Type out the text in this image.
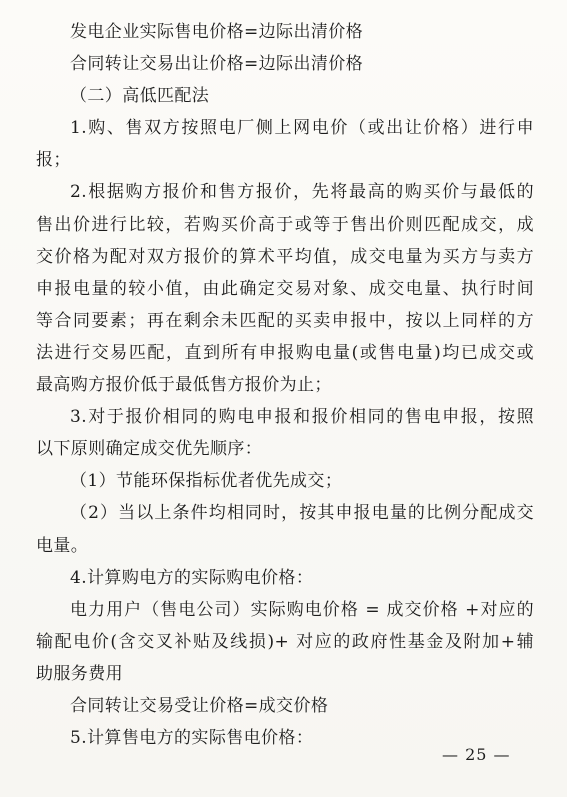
发电企业实际售电价格=边际出清价格
合同转让交易出让价格=边际出清价格
（二）高低匹配法
1.购、售双方按照电厂侧上网电价（或出让价格）进行申
报；
2.根据购方报价和售方报价，先将最高的购买价与最低的
售出价进行比较，若购买价高于或等于售出价则匹配成交，成
交价格为配对双方报价的算术平均值，成交电量为买方与卖方
申报电量的较小值，由此确定交易对象、成交电量、执行时间
等合同要素；再在剩余未匹配的买卖申报中，按以上同样的方
法进行交易匹配，直到所有申报购电量(或售电量)均已成交或
最高购方报价低于最低售方报价为止；
3.对于报价相同的购电申报和报价相同的售电申报，按照
以下原则确定成交优先顺序：
（1）节能环保指标优者优先成交；
（2）当以上条件均相同时，按其申报电量的比例分配成交
电量。
4.计算购电方的实际购电价格：
电力用户（售电公司）实际购电价格 = 成交价格 +对应的
输配电价(含交叉补贴及线损)+ 对应的政府性基金及附加+辅
助服务费用
合同转让交易受让价格=成交价格
5.计算售电方的实际售电价格：
— 25 —
